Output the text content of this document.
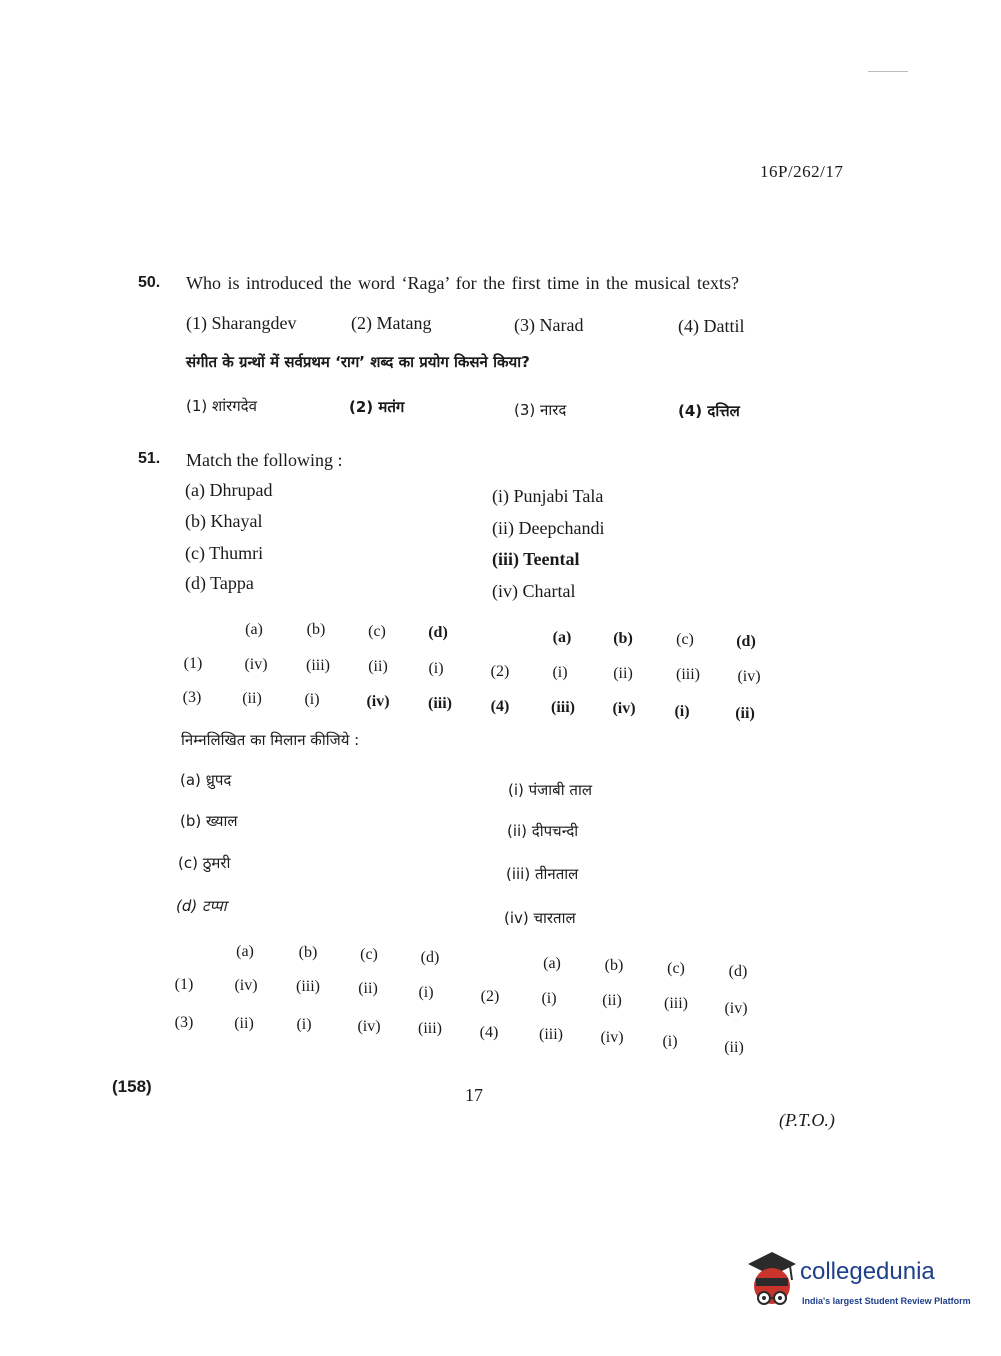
16P/262/17
50. Who is introduced the word ‘Raga’ for the first time in the musical texts?
(1) Sharangdev	(2) Matang	(3) Narad	(4) Dattil
संगीत के ग्रन्थों में सर्वप्रथम ‘राग’ शब्द का प्रयोग किसने किया?
(1) शांरगदेव	(2) मतंग	(3) नारद	(4) दत्तिल
51. Match the following :
(a) Dhrupad
(b) Khayal
(c) Thumri
(d) Tappa
(i) Punjabi Tala
(ii) Deepchandi
(iii) Teental
(iv) Chartal
(a)	(b)	(c)	(d)	(a)	(b)	(c)	(d)
(1)	(iv)	(iii)	(ii)	(i)	(2)	(i)	(ii)	(iii)	(iv)
(3)	(ii)	(i)	(iv)	(iii)	(4)	(iii)	(iv)	(i)	(ii)
निम्नलिखित का मिलान कीजिये :
(a) ध्रुपद
(b) ख्याल
(c) ठुमरी
(d) टप्पा
(i) पंजाबी ताल
(ii) दीपचन्दी
(iii) तीनताल
(iv) चारताल
(a)	(b)	(c)	(d)	(a)	(b)	(c)	(d)
(1)	(iv)	(iii)	(ii)	(i)	(2)	(i)	(ii)	(iii)	(iv)
(3)	(ii)	(i)	(iv)	(iii)	(4)	(iii)	(iv)	(i)	(ii)
(158)	17
(P.T.O.)
collegedunia
India's largest Student Review Platform
